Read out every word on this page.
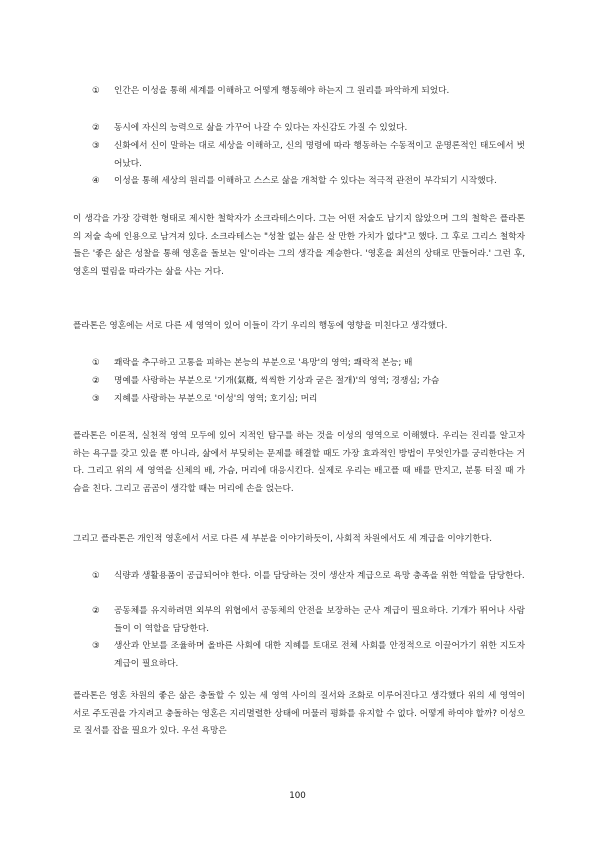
①	인간은 이성을 통해 세계를 이해하고 어떻게 행동해야 하는지 그 원리를 파악하게 되었다.

②	동시에 자신의 능력으로 삶을 가꾸어 나갈 수 있다는 자신감도 가질 수 있었다.

③	신화에서 신이 말하는 대로 세상을 이해하고, 신의 명령에 따라 행동하는 수동적이고 운명론적인 태도에서 벗어났다.

④	이성을 통해 세상의 원리를 이해하고 스스로 삶을 개척할 수 있다는 적극적 관전이 부각되기 시작했다.

이 생각을 가장 강력한 형태로 제시한 철학자가 소크라테스이다. 그는 어떤 저술도 남기지 않았으며 그의 철학은 플라톤의 저술 속에 인용으로 남겨져 있다. 소크라테스는 "성찰 없는 삶은 살 만한 가치가 없다"고 했다. 그 후로 그리스 철학자들은 '좋은 삶은 성찰을 통해 영혼을 돌보는 일'이라는 그의 생각을 계승한다. '영혼을 최선의 상태로 만들어라.' 그런 후, 영혼의 떨림을 따라가는 삶을 사는 거다.

플라톤은 영혼에는 서로 다른 세 영역이 있어 이들이 각기 우리의 행동에 영향을 미친다고 생각했다.

①	쾌락을 추구하고 고통을 피하는 본능의 부분으로 '욕망'의 영역; 쾌락적 본능; 배

②	명예를 사랑하는 부분으로 '기개(氣槪, 씩씩한 기상과 굳은 절개)'의 영역; 경쟁심; 가슴

③	지혜를 사랑하는 부분으로 '이성'의 영역; 호기심; 머리

플라톤은 이론적, 실천적 영역 모두에 있어 지적인 탐구를 하는 것을 이성의 영역으로 이해했다. 우리는 진리를 알고자 하는 욕구를 갖고 있을 뿐 아니라, 삶에서 부딪히는 문제를 해결할 때도 가장 효과적인 방법이 무엇인가를 궁리한다는 거다. 그리고 위의 세 영역을 신체의 배, 가슴, 머리에 대응시킨다. 실제로 우리는 배고플 때 배를 만지고, 분통 터질 때 가슴을 친다. 그리고 곰곰이 생각할 때는 머리에 손을 얹는다.

그리고 플라톤은 개인적 영혼에서 서로 다른 세 부분을 이야기하듯이, 사회적 차원에서도 세 계급을 이야기한다.

①	식량과 생활용품이 공급되어야 한다. 이를 담당하는 것이 생산자 계급으로 욕망 충족을 위한 역할을 담당한다.

②	공동체를 유지하려면 외부의 위협에서 공동체의 안전을 보장하는 군사 계급이 필요하다. 기개가 뛰어나 사람들이 이 역할을 담당한다.

③	생산과 안보를 조율하며 올바른 사회에 대한 지혜를 토대로 전체 사회를 안정적으로 이끌어가기 위한 지도자 계급이 필요하다.

플라톤은 영혼 차원의 좋은 삶은 충돌할 수 있는 세 영역 사이의 질서와 조화로 이루어진다고 생각했다 위의 세 영역이 서로 주도권을 가지려고 충돌하는 영혼은 지리멸렬한 상태에 머물러 평화를 유지할 수 없다. 어떻게 하여야 할까? 이성으로 질서를 잡을 필요가 있다. 우선 욕망은

100
